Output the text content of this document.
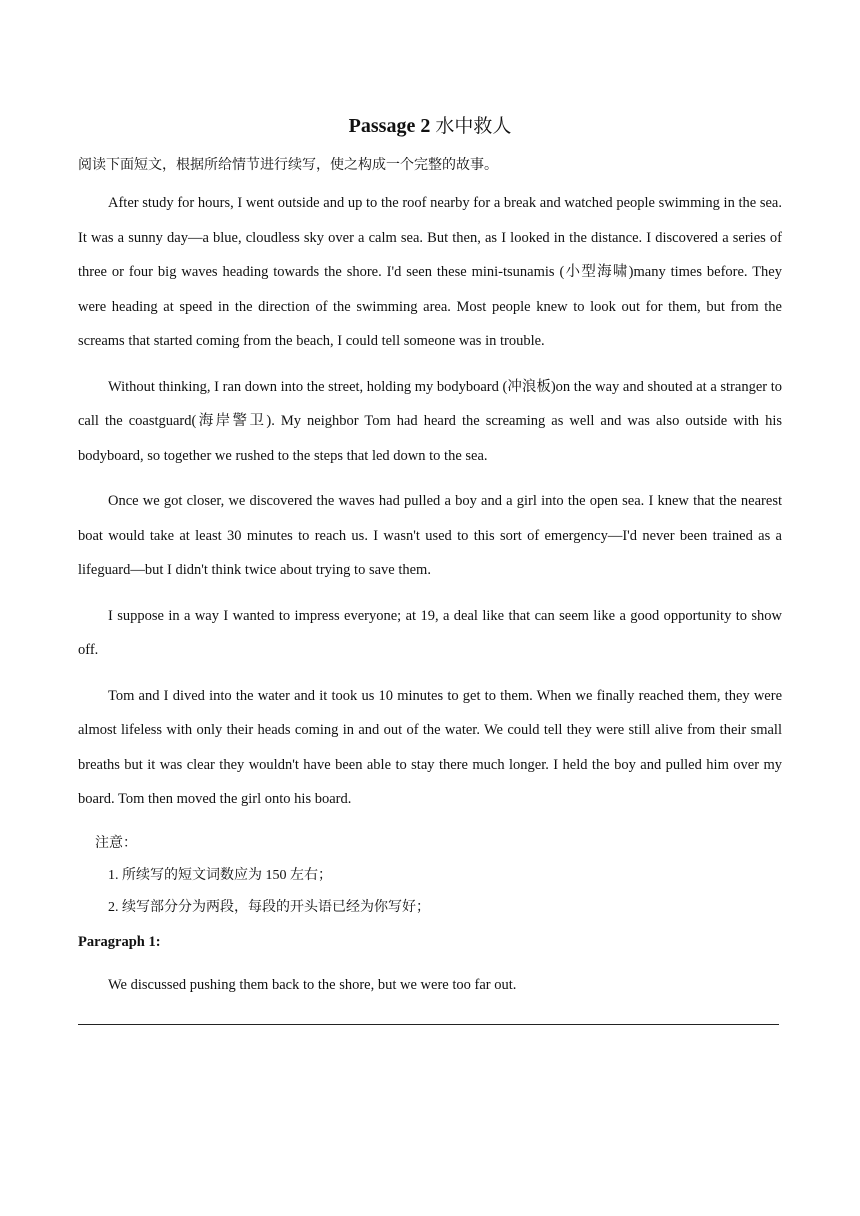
Passage 2 水中救人

阅读下面短文，根据所给情节进行续写，使之构成一个完整的故事。

After study for hours, I went outside and up to the roof nearby for a break and watched people swimming in the sea. It was a sunny day—a blue, cloudless sky over a calm sea. But then, as I looked in the distance. I discovered a series of three or four big waves heading towards the shore. I'd seen these mini-tsunamis (小型海啸)many times before. They were heading at speed in the direction of the swimming area. Most people knew to look out for them, but from the screams that started coming from the beach, I could tell someone was in trouble.

Without thinking, I ran down into the street, holding my bodyboard (冲浪板)on the way and shouted at a stranger to call the coastguard(海岸警卫). My neighbor Tom had heard the screaming as well and was also outside with his bodyboard, so together we rushed to the steps that led down to the sea.

Once we got closer, we discovered the waves had pulled a boy and a girl into the open sea. I knew that the nearest boat would take at least 30 minutes to reach us. I wasn't used to this sort of emergency—I'd never been trained as a lifeguard—but I didn't think twice about trying to save them.

I suppose in a way I wanted to impress everyone; at 19, a deal like that can seem like a good opportunity to show off.

Tom and I dived into the water and it took us 10 minutes to get to them. When we finally reached them, they were almost lifeless with only their heads coming in and out of the water. We could tell they were still alive from their small breaths but it was clear they wouldn't have been able to stay there much longer. I held the boy and pulled him over my board. Tom then moved the girl onto his board.

注意：

1. 所续写的短文词数应为 150 左右；

2. 续写部分分为两段，每段的开头语已经为你写好；

Paragraph 1:

We discussed pushing them back to the shore, but we were too far out.
